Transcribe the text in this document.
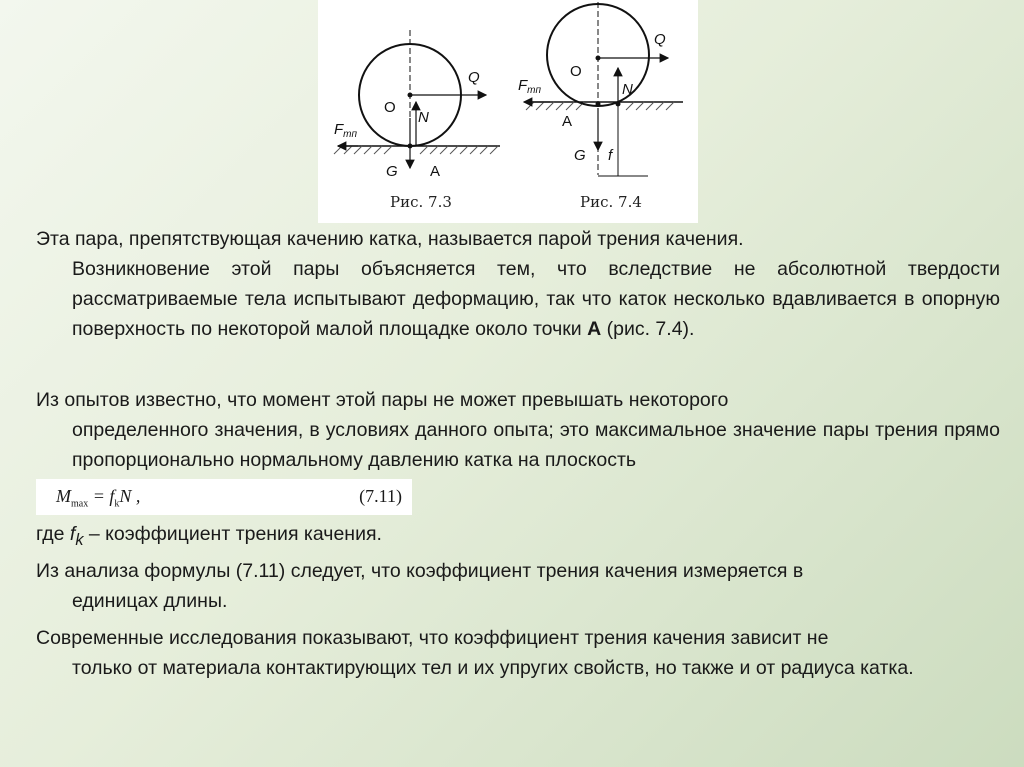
O
Q
N
G A
$F_{тп}$
O
Q
N
G
A
f
$F_{тп}$
Рис. 7.3	Рис. 7.4
Эта пара, препятствующая качению катка, называется парой трения качения.
Возникновение этой пары объясняется тем, что вследствие не абсолютной твердости рассматриваемые тела испытывают деформацию, так что каток несколько вдавливается в опорную поверхность по некоторой малой площадке около точки A (рис. 7.4).
Из опытов известно, что момент этой пары не может превышать некоторого
определенного значения, в условиях данного опыта; это максимальное значение пары трения прямо пропорционально нормальному давлению катка на плоскость
$M_{max} = f_kN$ ,	(7.11)
где $f_k$ – коэффициент трения качения.
Из анализа формулы (7.11) следует, что коэффициент трения качения измеряется в
единицах длины.
Современные исследования показывают, что коэффициент трения качения зависит не
только от материала контактирующих тел и их упругих свойств, но также и от радиуса катка.
